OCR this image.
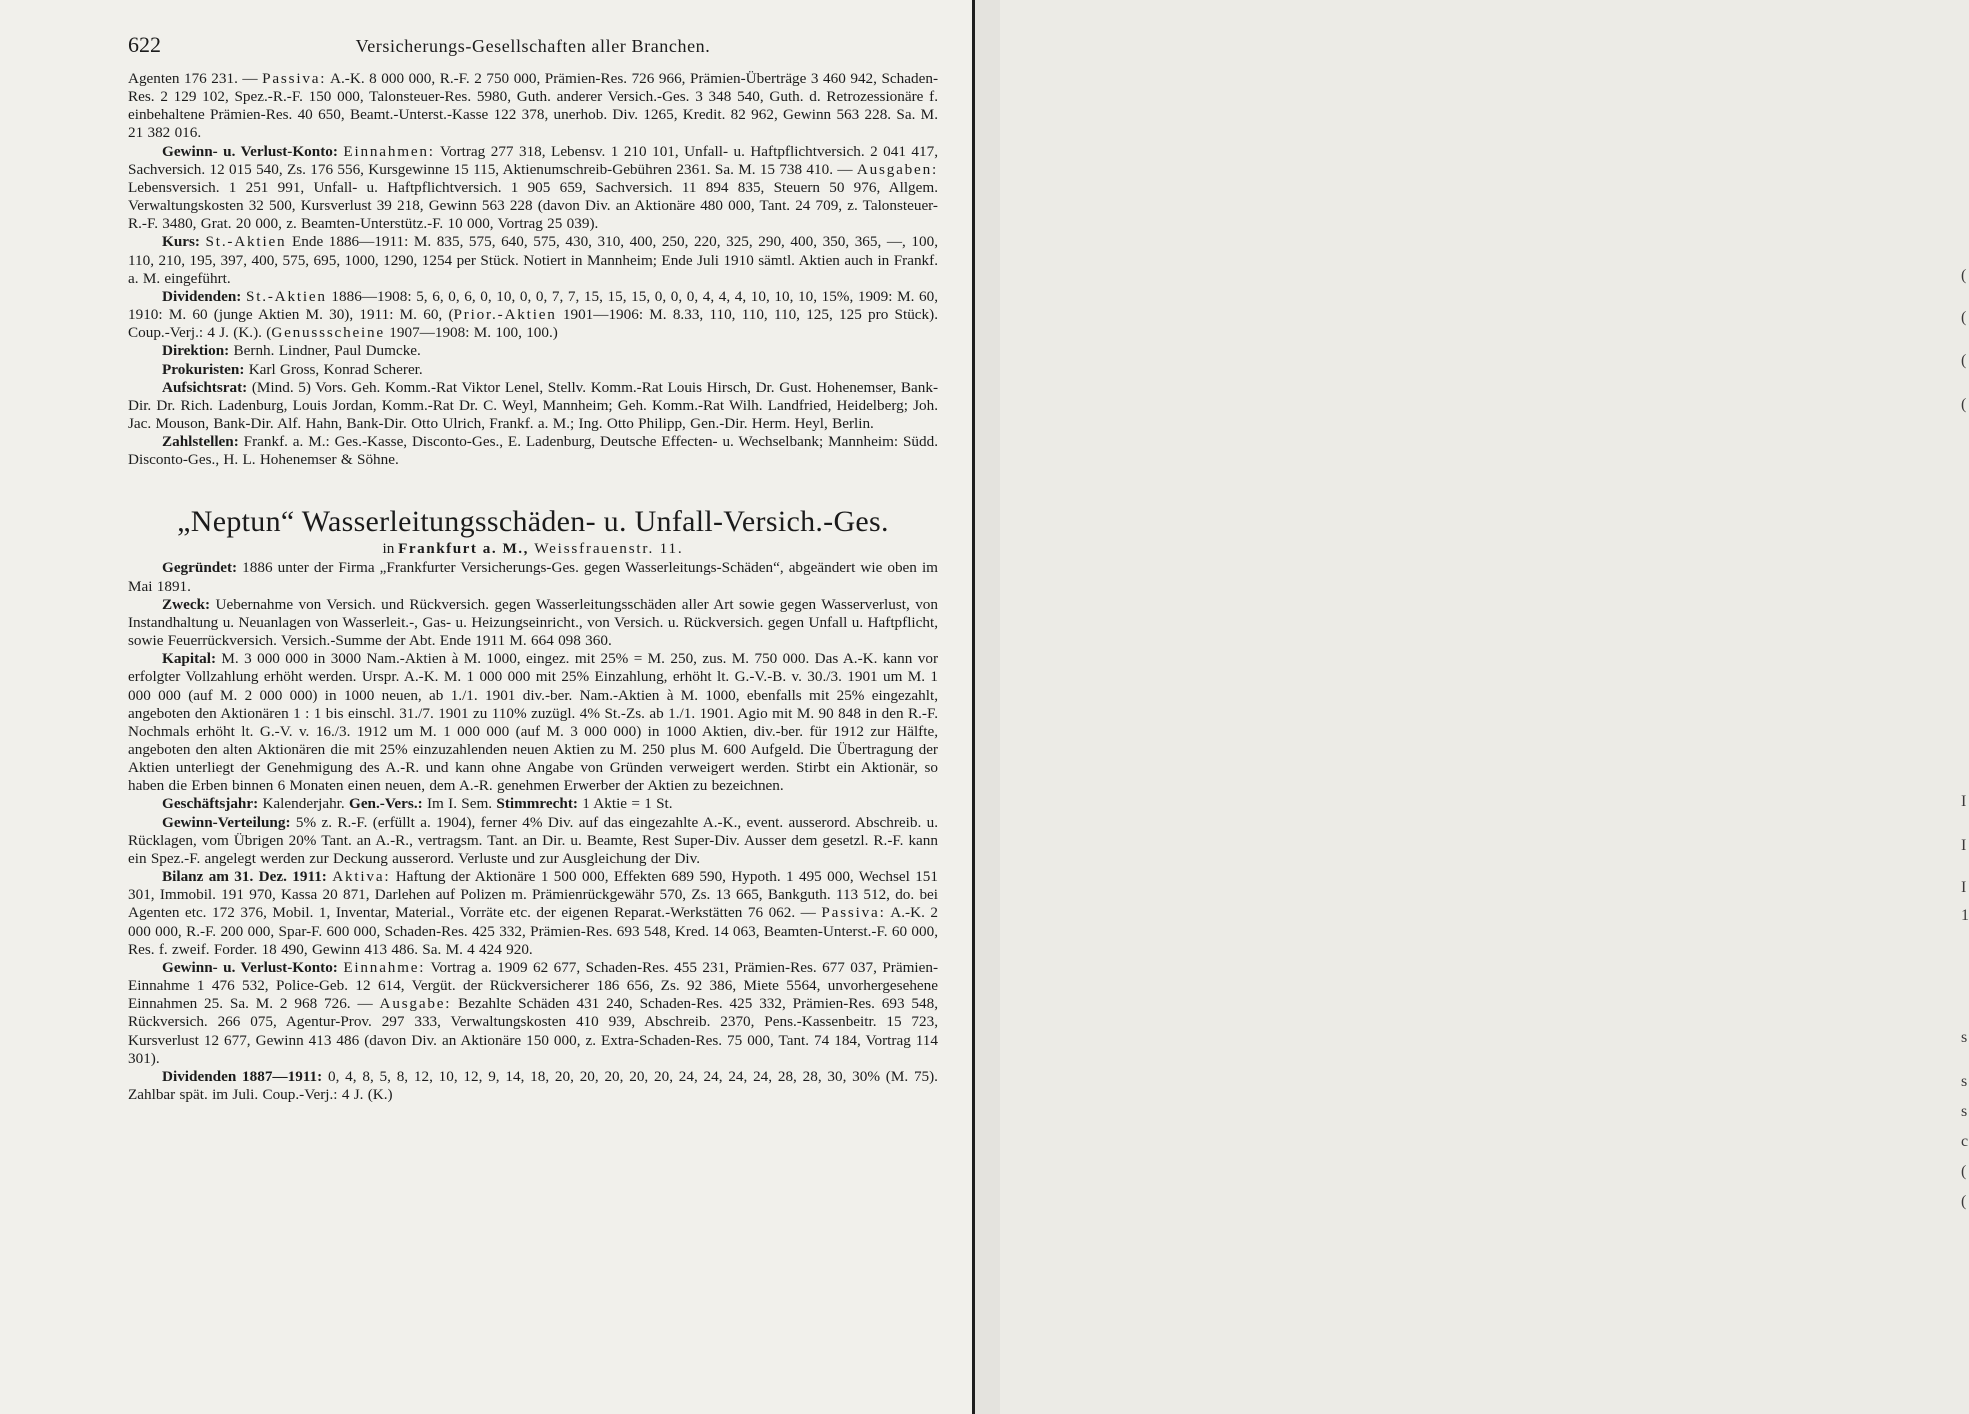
(
(
(
(
I
I
I
1
s
s
s
c
(
(
622	Versicherungs-Gesellschaften aller Branchen.

Agenten 176 231. — Passiva: A.-K. 8 000 000, R.-F. 2 750 000, Prämien-Res. 726 966, Prämien-Überträge 3 460 942, Schaden-Res. 2 129 102, Spez.-R.-F. 150 000, Talonsteuer-Res. 5980, Guth. anderer Versich.-Ges. 3 348 540, Guth. d. Retrozessionäre f. einbehaltene Prämien-Res. 40 650, Beamt.-Unterst.-Kasse 122 378, unerhob. Div. 1265, Kredit. 82 962, Gewinn 563 228. Sa. M. 21 382 016.

Gewinn- u. Verlust-Konto: Einnahmen: Vortrag 277 318, Lebensv. 1 210 101, Unfall- u. Haftpflichtversich. 2 041 417, Sachversich. 12 015 540, Zs. 176 556, Kursgewinne 15 115, Aktienumschreib-Gebühren 2361. Sa. M. 15 738 410. — Ausgaben: Lebensversich. 1 251 991, Unfall- u. Haftpflichtversich. 1 905 659, Sachversich. 11 894 835, Steuern 50 976, Allgem. Verwaltungskosten 32 500, Kursverlust 39 218, Gewinn 563 228 (davon Div. an Aktionäre 480 000, Tant. 24 709, z. Talonsteuer-R.-F. 3480, Grat. 20 000, z. Beamten-Unterstütz.-F. 10 000, Vortrag 25 039).

Kurs: St.-Aktien Ende 1886—1911: M. 835, 575, 640, 575, 430, 310, 400, 250, 220, 325, 290, 400, 350, 365, —, 100, 110, 210, 195, 397, 400, 575, 695, 1000, 1290, 1254 per Stück. Notiert in Mannheim; Ende Juli 1910 sämtl. Aktien auch in Frankf. a. M. eingeführt.

Dividenden: St.-Aktien 1886—1908: 5, 6, 0, 6, 0, 10, 0, 0, 7, 7, 15, 15, 15, 0, 0, 0, 4, 4, 4, 10, 10, 10, 15%, 1909: M. 60, 1910: M. 60 (junge Aktien M. 30), 1911: M. 60, (Prior.-Aktien 1901—1906: M. 8.33, 110, 110, 110, 125, 125 pro Stück). Coup.-Verj.: 4 J. (K.). (Genussscheine 1907—1908: M. 100, 100.)

Direktion: Bernh. Lindner, Paul Dumcke.

Prokuristen: Karl Gross, Konrad Scherer.

Aufsichtsrat: (Mind. 5) Vors. Geh. Komm.-Rat Viktor Lenel, Stellv. Komm.-Rat Louis Hirsch, Dr. Gust. Hohenemser, Bank-Dir. Dr. Rich. Ladenburg, Louis Jordan, Komm.-Rat Dr. C. Weyl, Mannheim; Geh. Komm.-Rat Wilh. Landfried, Heidelberg; Joh. Jac. Mouson, Bank-Dir. Alf. Hahn, Bank-Dir. Otto Ulrich, Frankf. a. M.; Ing. Otto Philipp, Gen.-Dir. Herm. Heyl, Berlin.

Zahlstellen: Frankf. a. M.: Ges.-Kasse, Disconto-Ges., E. Ladenburg, Deutsche Effecten- u. Wechselbank; Mannheim: Südd. Disconto-Ges., H. L. Hohenemser & Söhne.

„Neptun“ Wasserleitungsschäden- u. Unfall-Versich.-Ges.
in Frankfurt a. M., Weissfrauenstr. 11.

Gegründet: 1886 unter der Firma „Frankfurter Versicherungs-Ges. gegen Wasserleitungs-Schäden“, abgeändert wie oben im Mai 1891.

Zweck: Uebernahme von Versich. und Rückversich. gegen Wasserleitungsschäden aller Art sowie gegen Wasserverlust, von Instandhaltung u. Neuanlagen von Wasserleit.-, Gas- u. Heizungseinricht., von Versich. u. Rückversich. gegen Unfall u. Haftpflicht, sowie Feuerrückversich. Versich.-Summe der Abt. Ende 1911 M. 664 098 360.

Kapital: M. 3 000 000 in 3000 Nam.-Aktien à M. 1000, eingez. mit 25% = M. 250, zus. M. 750 000. Das A.-K. kann vor erfolgter Vollzahlung erhöht werden. Urspr. A.-K. M. 1 000 000 mit 25% Einzahlung, erhöht lt. G.-V.-B. v. 30./3. 1901 um M. 1 000 000 (auf M. 2 000 000) in 1000 neuen, ab 1./1. 1901 div.-ber. Nam.-Aktien à M. 1000, ebenfalls mit 25% eingezahlt, angeboten den Aktionären 1 : 1 bis einschl. 31./7. 1901 zu 110% zuzügl. 4% St.-Zs. ab 1./1. 1901. Agio mit M. 90 848 in den R.-F. Nochmals erhöht lt. G.-V. v. 16./3. 1912 um M. 1 000 000 (auf M. 3 000 000) in 1000 Aktien, div.-ber. für 1912 zur Hälfte, angeboten den alten Aktionären die mit 25% einzuzahlenden neuen Aktien zu M. 250 plus M. 600 Aufgeld. Die Übertragung der Aktien unterliegt der Genehmigung des A.-R. und kann ohne Angabe von Gründen verweigert werden. Stirbt ein Aktionär, so haben die Erben binnen 6 Monaten einen neuen, dem A.-R. genehmen Erwerber der Aktien zu bezeichnen.

Geschäftsjahr: Kalenderjahr. Gen.-Vers.: Im I. Sem. Stimmrecht: 1 Aktie = 1 St.

Gewinn-Verteilung: 5% z. R.-F. (erfüllt a. 1904), ferner 4% Div. auf das eingezahlte A.-K., event. ausserord. Abschreib. u. Rücklagen, vom Übrigen 20% Tant. an A.-R., vertragsm. Tant. an Dir. u. Beamte, Rest Super-Div. Ausser dem gesetzl. R.-F. kann ein Spez.-F. angelegt werden zur Deckung ausserord. Verluste und zur Ausgleichung der Div.

Bilanz am 31. Dez. 1911: Aktiva: Haftung der Aktionäre 1 500 000, Effekten 689 590, Hypoth. 1 495 000, Wechsel 151 301, Immobil. 191 970, Kassa 20 871, Darlehen auf Polizen m. Prämienrückgewähr 570, Zs. 13 665, Bankguth. 113 512, do. bei Agenten etc. 172 376, Mobil. 1, Inventar, Material., Vorräte etc. der eigenen Reparat.-Werkstätten 76 062. — Passiva: A.-K. 2 000 000, R.-F. 200 000, Spar-F. 600 000, Schaden-Res. 425 332, Prämien-Res. 693 548, Kred. 14 063, Beamten-Unterst.-F. 60 000, Res. f. zweif. Forder. 18 490, Gewinn 413 486. Sa. M. 4 424 920.

Gewinn- u. Verlust-Konto: Einnahme: Vortrag a. 1909 62 677, Schaden-Res. 455 231, Prämien-Res. 677 037, Prämien-Einnahme 1 476 532, Police-Geb. 12 614, Vergüt. der Rückversicherer 186 656, Zs. 92 386, Miete 5564, unvorhergesehene Einnahmen 25. Sa. M. 2 968 726. — Ausgabe: Bezahlte Schäden 431 240, Schaden-Res. 425 332, Prämien-Res. 693 548, Rückversich. 266 075, Agentur-Prov. 297 333, Verwaltungskosten 410 939, Abschreib. 2370, Pens.-Kassenbeitr. 15 723, Kursverlust 12 677, Gewinn 413 486 (davon Div. an Aktionäre 150 000, z. Extra-Schaden-Res. 75 000, Tant. 74 184, Vortrag 114 301).

Dividenden 1887—1911: 0, 4, 8, 5, 8, 12, 10, 12, 9, 14, 18, 20, 20, 20, 20, 20, 24, 24, 24, 24, 28, 28, 30, 30% (M. 75). Zahlbar spät. im Juli. Coup.-Verj.: 4 J. (K.)
